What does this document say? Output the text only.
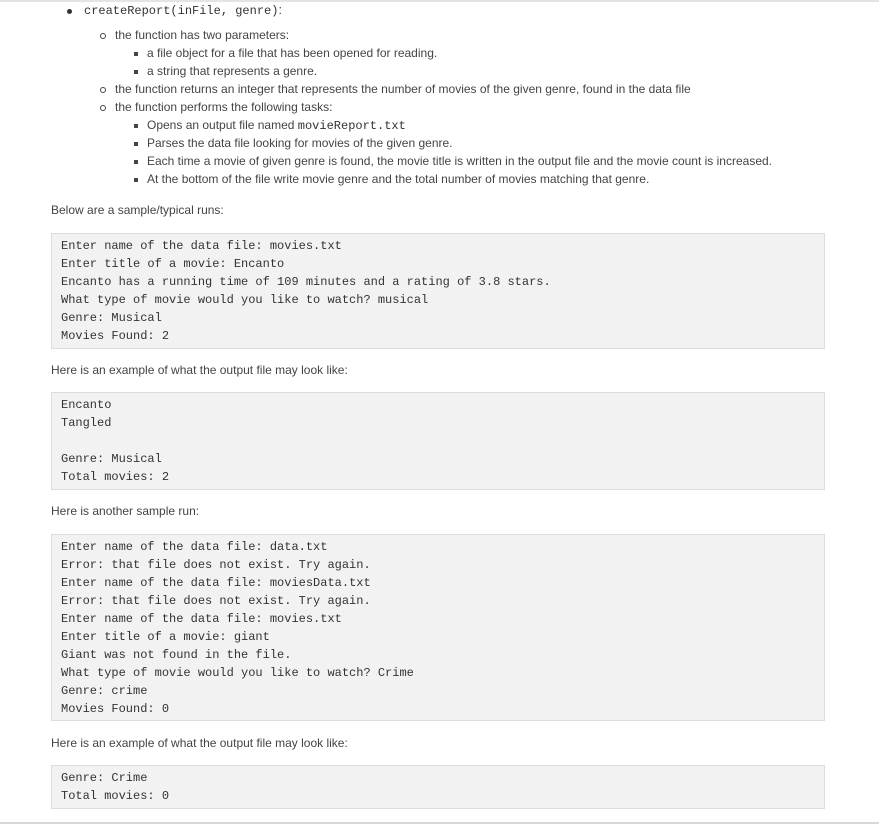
createReport(inFile, genre):
the function has two parameters:
a file object for a file that has been opened for reading.
a string that represents a genre.
the function returns an integer that represents the number of movies of the given genre, found in the data file
the function performs the following tasks:
Opens an output file named movieReport.txt
Parses the data file looking for movies of the given genre.
Each time a movie of given genre is found, the movie title is written in the output file and the movie count is increased.
At the bottom of the file write movie genre and the total number of movies matching that genre.
Below are a sample/typical runs:
Enter name of the data file: movies.txt
Enter title of a movie: Encanto
Encanto has a running time of 109 minutes and a rating of 3.8 stars.
What type of movie would you like to watch? musical
Genre: Musical
Movies Found: 2
Here is an example of what the output file may look like:
Encanto
Tangled
Genre: Musical
Total movies: 2
Here is another sample run:
Enter name of the data file: data.txt
Error: that file does not exist. Try again.
Enter name of the data file: moviesData.txt
Error: that file does not exist. Try again.
Enter name of the data file: movies.txt
Enter title of a movie: giant
Giant was not found in the file.
What type of movie would you like to watch? Crime
Genre: crime
Movies Found: 0
Here is an example of what the output file may look like:
Genre: Crime
Total movies: 0
